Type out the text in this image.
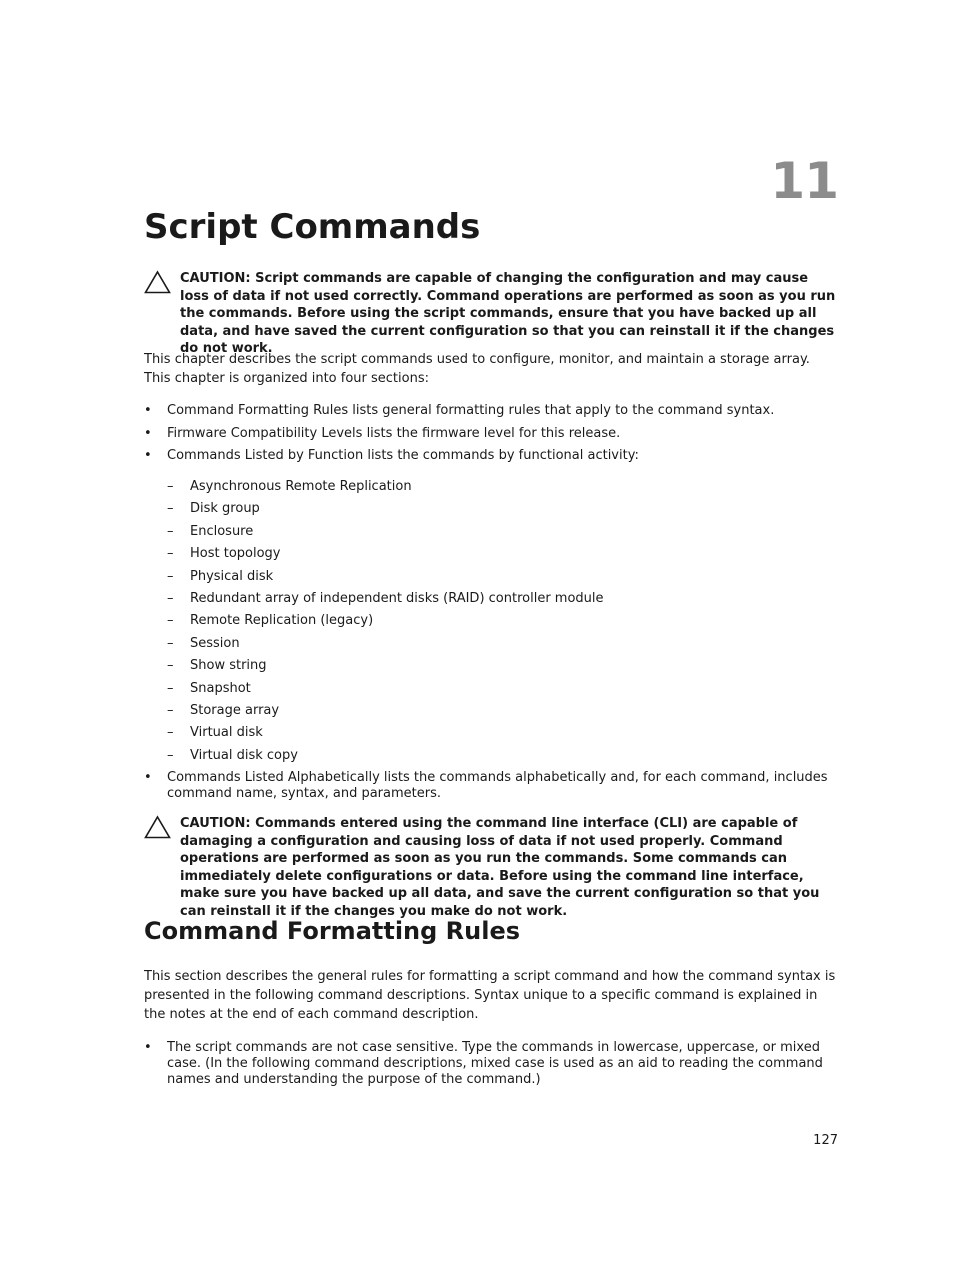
11
Script Commands
CAUTION: Script commands are capable of changing the configuration and may cause loss of data if not used correctly. Command operations are performed as soon as you run the commands. Before using the script commands, ensure that you have backed up all data, and have saved the current configuration so that you can reinstall it if the changes do not work.

This chapter describes the script commands used to configure, monitor, and maintain a storage array. This chapter is organized into four sections:

• Command Formatting Rules lists general formatting rules that apply to the command syntax.
• Firmware Compatibility Levels lists the firmware level for this release.
• Commands Listed by Function lists the commands by functional activity:
– Asynchronous Remote Replication
– Disk group
– Enclosure
– Host topology
– Physical disk
– Redundant array of independent disks (RAID) controller module
– Remote Replication (legacy)
– Session
– Show string
– Snapshot
– Storage array
– Virtual disk
– Virtual disk copy
• Commands Listed Alphabetically lists the commands alphabetically and, for each command, includes command name, syntax, and parameters.
CAUTION: Commands entered using the command line interface (CLI) are capable of damaging a configuration and causing loss of data if not used properly. Command operations are performed as soon as you run the commands. Some commands can immediately delete configurations or data. Before using the command line interface, make sure you have backed up all data, and save the current configuration so that you can reinstall it if the changes you make do not work.
Command Formatting Rules

This section describes the general rules for formatting a script command and how the command syntax is presented in the following command descriptions. Syntax unique to a specific command is explained in the notes at the end of each command description.

• The script commands are not case sensitive. Type the commands in lowercase, uppercase, or mixed case. (In the following command descriptions, mixed case is used as an aid to reading the command names and understanding the purpose of the command.)
127
